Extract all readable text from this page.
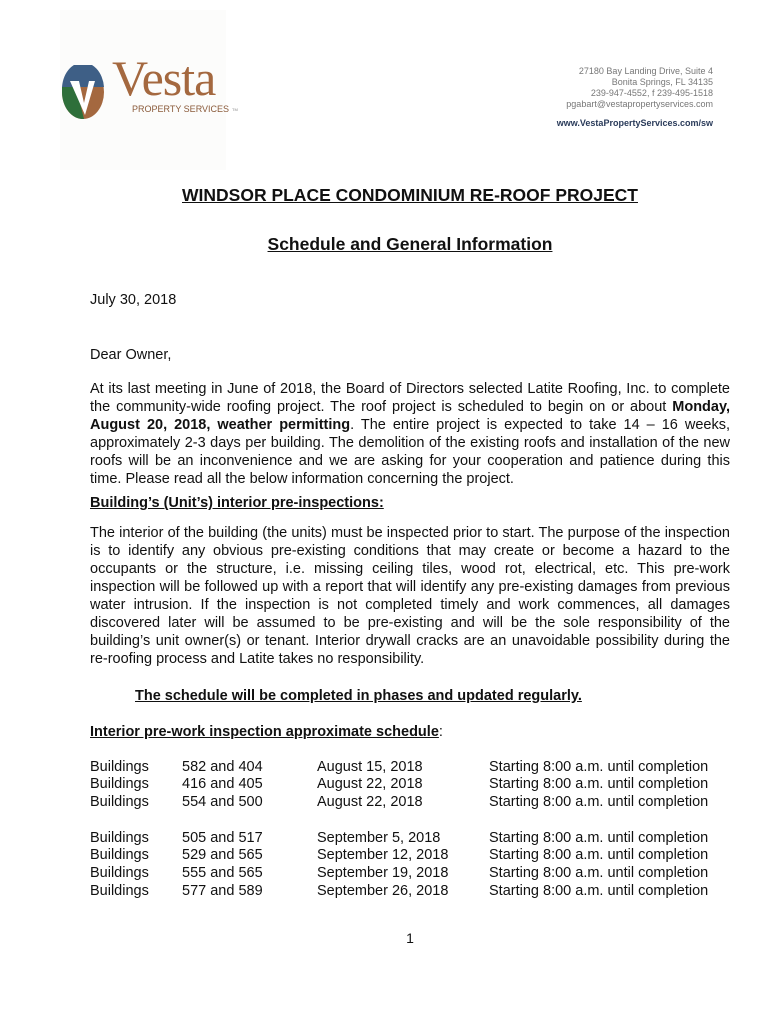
Vesta
PROPERTY SERVICES TM
27180 Bay Landing Drive, Suite 4
Bonita Springs, FL 34135
239-947-4552, f 239-495-1518
pgabart@vestapropertyservices.com
www.VestaPropertyServices.com/sw
WINDSOR PLACE CONDOMINIUM RE-ROOF PROJECT
Schedule and General Information
July 30, 2018
Dear Owner,
At its last meeting in June of 2018, the Board of Directors selected Latite Roofing, Inc. to complete the community-wide roofing project. The roof project is scheduled to begin on or about Monday, August 20, 2018, weather permitting. The entire project is expected to take 14 – 16 weeks, approximately 2-3 days per building. The demolition of the existing roofs and installation of the new roofs will be an inconvenience and we are asking for your cooperation and patience during this time. Please read all the below information concerning the project.
Building’s (Unit’s) interior pre-inspections:
The interior of the building (the units) must be inspected prior to start. The purpose of the inspection is to identify any obvious pre-existing conditions that may create or become a hazard to the occupants or the structure, i.e. missing ceiling tiles, wood rot, electrical, etc. This pre-work inspection will be followed up with a report that will identify any pre-existing damages from previous water intrusion. If the inspection is not completed timely and work commences, all damages discovered later will be assumed to be pre-existing and will be the sole responsibility of the building’s unit owner(s) or tenant. Interior drywall cracks are an unavoidable possibility during the re-roofing process and Latite takes no responsibility.
The schedule will be completed in phases and updated regularly.
Interior pre-work inspection approximate schedule:
Buildings 582 and 404	August 15, 2018	Starting 8:00 a.m. until completion
Buildings 416 and 405	August 22, 2018	Starting 8:00 a.m. until completion
Buildings 554 and 500	August 22, 2018	Starting 8:00 a.m. until completion
Buildings 505 and 517	September 5, 2018	Starting 8:00 a.m. until completion
Buildings 529 and 565	September 12, 2018	Starting 8:00 a.m. until completion
Buildings 555 and 565	September 19, 2018	Starting 8:00 a.m. until completion
Buildings 577 and 589	September 26, 2018	Starting 8:00 a.m. until completion
1
